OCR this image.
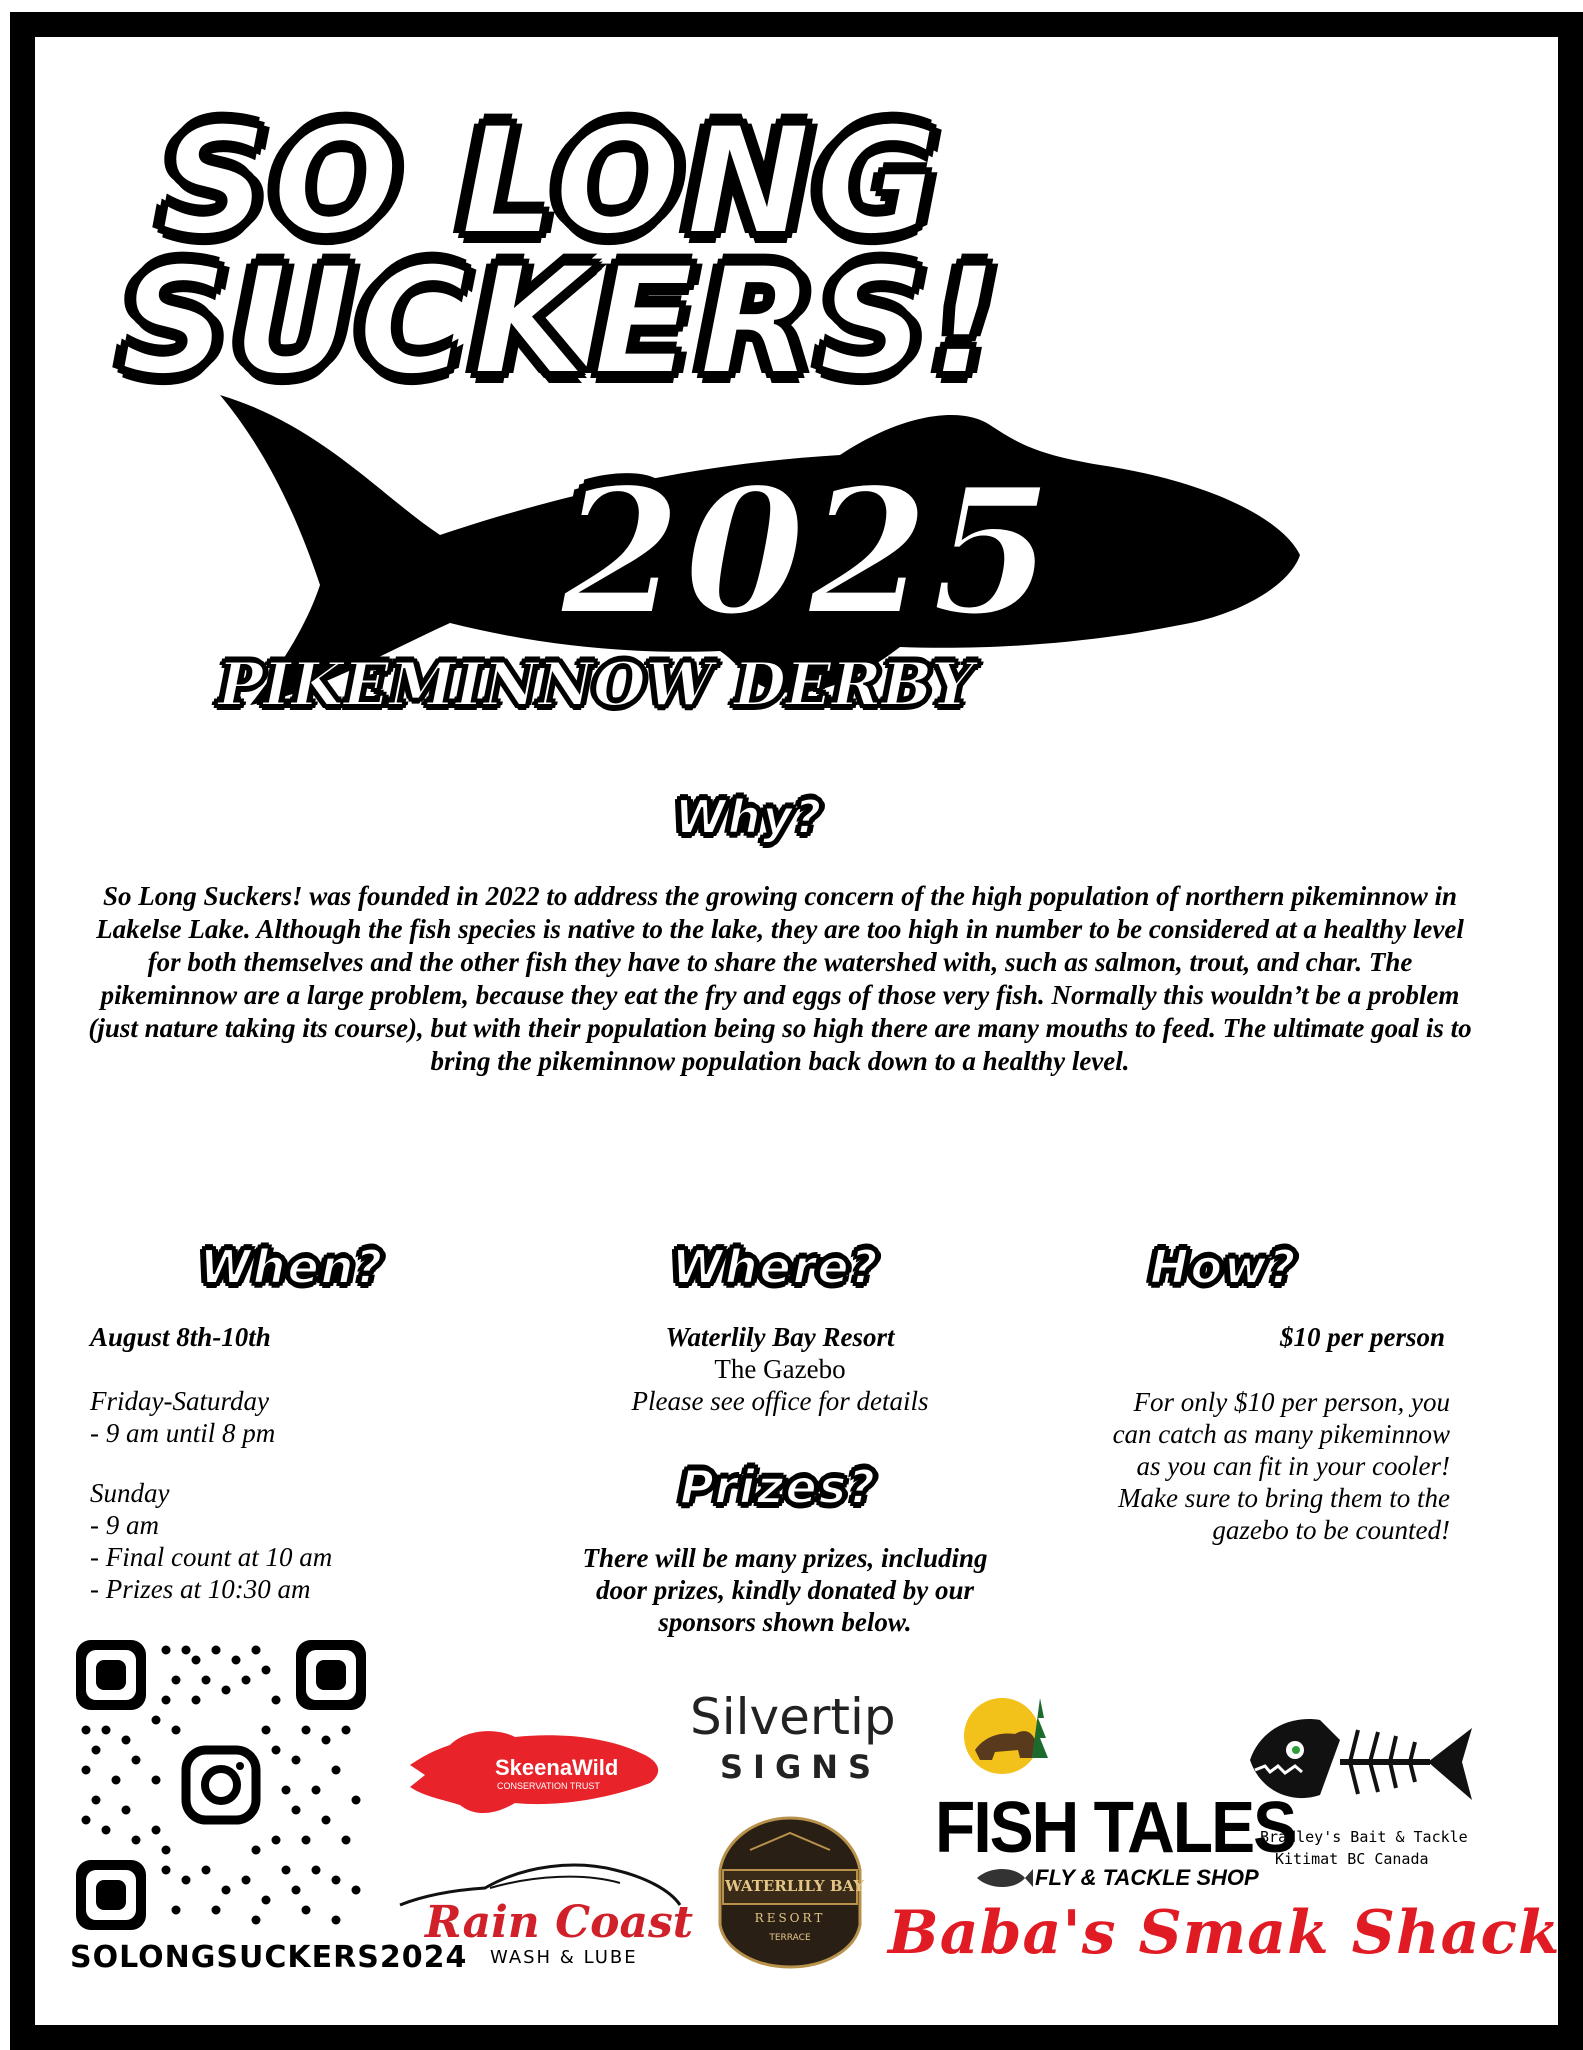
SO LONG
SUCKERS!
2025
PIKEMINNOW DERBY
Why?
So Long Suckers! was founded in 2022 to address the growing concern of the high population of northern pikeminnow in Lakelse Lake. Although the fish species is native to the lake, they are too high in number to be considered at a healthy level for both themselves and the other fish they have to share the watershed with, such as salmon, trout, and char. The pikeminnow are a large problem, because they eat the fry and eggs of those very fish. Normally this wouldn’t be a problem (just nature taking its course), but with their population being so high there are many mouths to feed. The ultimate goal is to bring the pikeminnow population back down to a healthy level.
When?
August 8th-10th
Friday-Saturday
- 9 am until 8 pm
Sunday
- 9 am
- Final count at 10 am
- Prizes at 10:30 am
Where?
Waterlily Bay Resort
The Gazebo
Please see office for details
Prizes?
There will be many prizes, including door prizes, kindly donated by our sponsors shown below.
How?
$10 per person
For only $10 per person, you can catch as many pikeminnow as you can fit in your cooler! Make sure to bring them to the gazebo to be counted!
SOLONGSUCKERS2024
SkeenaWild
CONSERVATION TRUST
Silvertip
SIGNS
Bradley's Bait & Tackle
Kitimat BC Canada
FISH TALES
FLY & TACKLE SHOP
Rain Coast
WASH & LUBE
WATERLILY BAY
RESORT
TERRACE	Baba's Smak Shack
